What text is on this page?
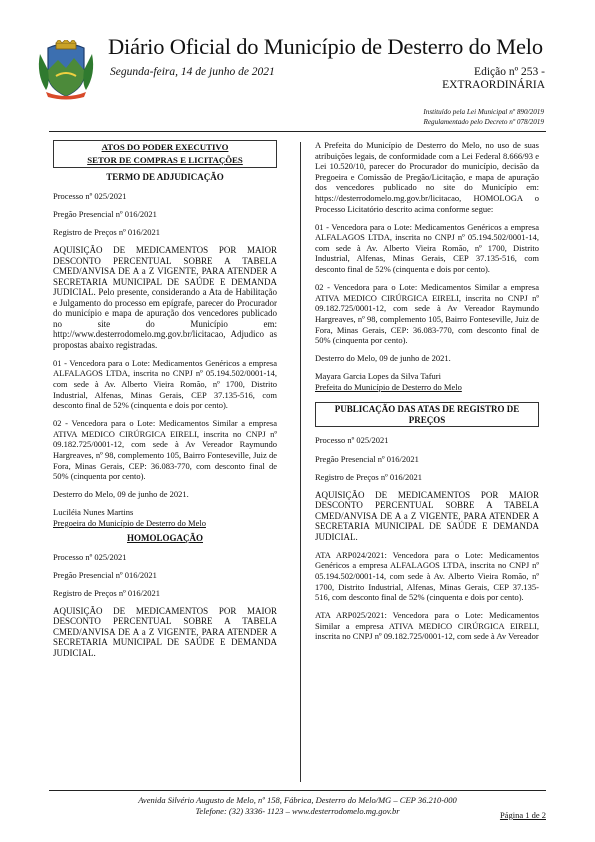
Diário Oficial do Município de Desterro do Melo
Segunda-feira, 14 de junho de 2021	Edição nº 253 -
EXTRAORDINÁRIA
Instituído pela Lei Municipal nº 890/2019
Regulamentado pelo Decreto nº 078/2019
ATOS DO PODER EXECUTIVO
SETOR DE COMPRAS E LICITAÇÕES
TERMO DE ADJUDICAÇÃO

Processo nº 025/2021

Pregão Presencial nº 016/2021

Registro de Preços nº 016/2021

AQUISIÇÃO DE MEDICAMENTOS POR MAIOR DESCONTO PERCENTUAL SOBRE A TABELA CMED/ANVISA DE A a Z VIGENTE, PARA ATENDER A SECRETARIA MUNICIPAL DE SAÚDE E DEMANDA JUDICIAL. Pelo presente, considerando a Ata de Habilitação e Julgamento do processo em epígrafe, parecer do Procurador do município e mapa de apuração dos vencedores publicado no site do Município em: http://www.desterrodomelo.mg.gov.br/licitacao, Adjudico as propostas abaixo registradas.

01 - Vencedora para o Lote: Medicamentos Genéricos a empresa ALFALAGOS LTDA, inscrita no CNPJ nº 05.194.502/0001-14, com sede à Av. Alberto Vieira Romão, nº 1700, Distrito Industrial, Alfenas, Minas Gerais, CEP 37.135-516, com desconto final de 52% (cinquenta e dois por cento).

02 - Vencedora para o Lote: Medicamentos Similar a empresa ATIVA MEDICO CIRÚRGICA EIRELI, inscrita no CNPJ nº 09.182.725/0001-12, com sede à Av Vereador Raymundo Hargreaves, nº 98, complemento 105, Bairro Fonteseville, Juiz de Fora, Minas Gerais, CEP: 36.083-770, com desconto final de 50% (cinquenta por cento).

Desterro do Melo, 09 de junho de 2021.

Luciléia Nunes Martins
Pregoeira do Município de Desterro do Melo
HOMOLOGAÇÃO

Processo nº 025/2021

Pregão Presencial nº 016/2021

Registro de Preços nº 016/2021

AQUISIÇÃO DE MEDICAMENTOS POR MAIOR DESCONTO PERCENTUAL SOBRE A TABELA CMED/ANVISA DE A a Z VIGENTE, PARA ATENDER A SECRETARIA MUNICIPAL DE SAÚDE E DEMANDA JUDICIAL.

A Prefeita do Município de Desterro do Melo, no uso de suas atribuições legais, de conformidade com a Lei Federal 8.666/93 e Lei 10.520/10, parecer do Procurador do município, decisão da Pregoeira e Comissão de Pregão/Licitação, e mapa de apuração dos vencedores publicado no site do Município em: https://desterrodomelo.mg.gov.br/licitacao, HOMOLOGA o Processo Licitatório descrito acima conforme segue:

01 - Vencedora para o Lote: Medicamentos Genéricos a empresa ALFALAGOS LTDA, inscrita no CNPJ nº 05.194.502/0001-14, com sede à Av. Alberto Vieira Romão, nº 1700, Distrito Industrial, Alfenas, Minas Gerais, CEP 37.135-516, com desconto final de 52% (cinquenta e dois por cento).

02 - Vencedora para o Lote: Medicamentos Similar a empresa ATIVA MEDICO CIRÚRGICA EIRELI, inscrita no CNPJ nº 09.182.725/0001-12, com sede à Av Vereador Raymundo Hargreaves, nº 98, complemento 105, Bairro Fonteseville, Juiz de Fora, Minas Gerais, CEP: 36.083-770, com desconto final de 50% (cinquenta por cento).

Desterro do Melo, 09 de junho de 2021.

Mayara Garcia Lopes da Silva Tafuri
Prefeita do Município de Desterro do Melo
PUBLICAÇÃO DAS ATAS DE REGISTRO DE
PREÇOS

Processo nº 025/2021

Pregão Presencial nº 016/2021

Registro de Preços nº 016/2021

AQUISIÇÃO DE MEDICAMENTOS POR MAIOR DESCONTO PERCENTUAL SOBRE A TABELA CMED/ANVISA DE A a Z VIGENTE, PARA ATENDER A SECRETARIA MUNICIPAL DE SAÚDE E DEMANDA JUDICIAL.

ATA ARP024/2021: Vencedora para o Lote: Medicamentos Genéricos a empresa ALFALAGOS LTDA, inscrita no CNPJ nº 05.194.502/0001-14, com sede à Av. Alberto Vieira Romão, nº 1700, Distrito Industrial, Alfenas, Minas Gerais, CEP 37.135-516, com desconto final de 52% (cinquenta e dois por cento).

ATA ARP025/2021: Vencedora para o Lote: Medicamentos Similar a empresa ATIVA MEDICO CIRÚRGICA EIRELI, inscrita no CNPJ nº 09.182.725/0001-12, com sede à Av Vereador

Avenida Silvério Augusto de Melo, nº 158, Fábrica, Desterro do Melo/MG – CEP 36.210-000
Telefone: (32) 3336- 1123 – www.desterrodomelo.mg.gov.br	Página 1 de 2
